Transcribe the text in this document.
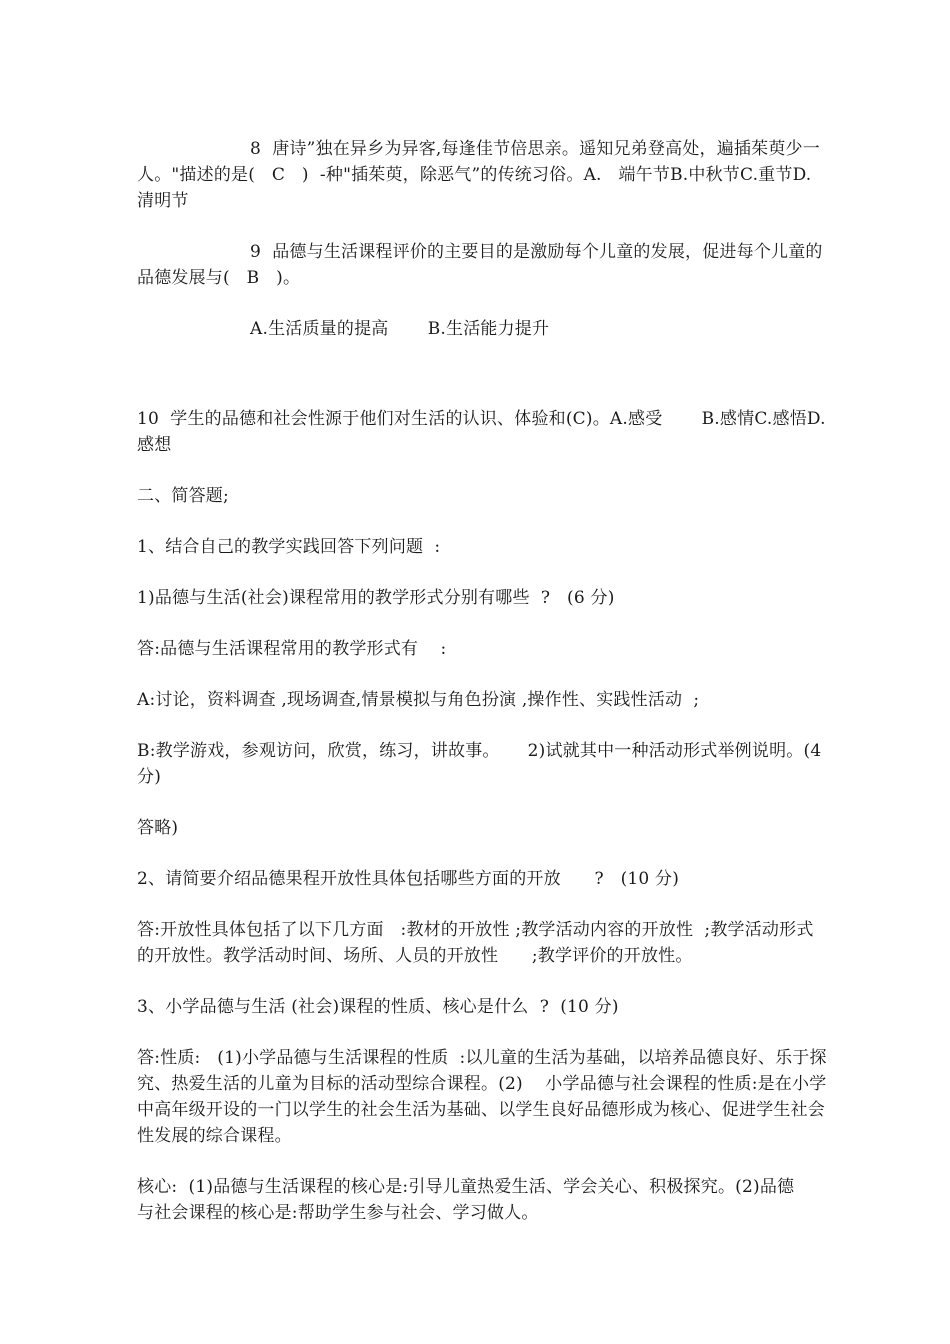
8  唐诗”独在异乡为异客,每逢佳节倍思亲。遥知兄弟登高处，遍插茱萸少一人。"描述的是(   C   )  -种"插茱萸，除恶气”的传统习俗。A.   端午节B.中秋节C.重节D.清明节

9  品德与生活课程评价的主要目的是激励每个儿童的发展，促进每个儿童的品德发展与(   B   )。

A.生活质量的提高       B.生活能力提升

10  学生的品德和社会性源于他们对生活的认识、体验和(C)。A.感受       B.感情C.感悟D.感想

二、简答题;

1、结合自己的教学实践回答下列问题  :

1)品德与生活(社会)课程常用的教学形式分别有哪些  ?   (6 分)

答:品德与生活课程常用的教学形式有    :

A:讨论，资料调查 ,现场调查,情景模拟与角色扮演 ,操作性、实践性活动  ;

B:教学游戏，参观访问，欣赏，练习，讲故事。     2)试就其中一种活动形式举例说明。(4  分)

答略)

2、请简要介绍品德果程开放性具体包括哪些方面的开放      ?   (10 分)

答:开放性具体包括了以下几方面   :教材的开放性 ;教学活动内容的开放性  ;教学活动形式的开放性。教学活动时间、场所、人员的开放性      ;教学评价的开放性。

3、小学品德与生活 (社会)课程的性质、核心是什么  ?  (10 分)

答:性质:   (1)小学品德与生活课程的性质  :以儿童的生活为基础，以培养品德良好、乐于探究、热爱生活的儿童为目标的活动型综合课程。(2)    小学品德与社会课程的性质:是在小学中高年级开设的一门以学生的社会生活为基础、以学生良好品德形成为核心、促进学生社会性发展的综合课程。

核心:  (1)品德与生活课程的核心是:引导儿童热爱生活、学会关心、积极探究。(2)品德    与社会课程的核心是:帮助学生参与社会、学习做人。
